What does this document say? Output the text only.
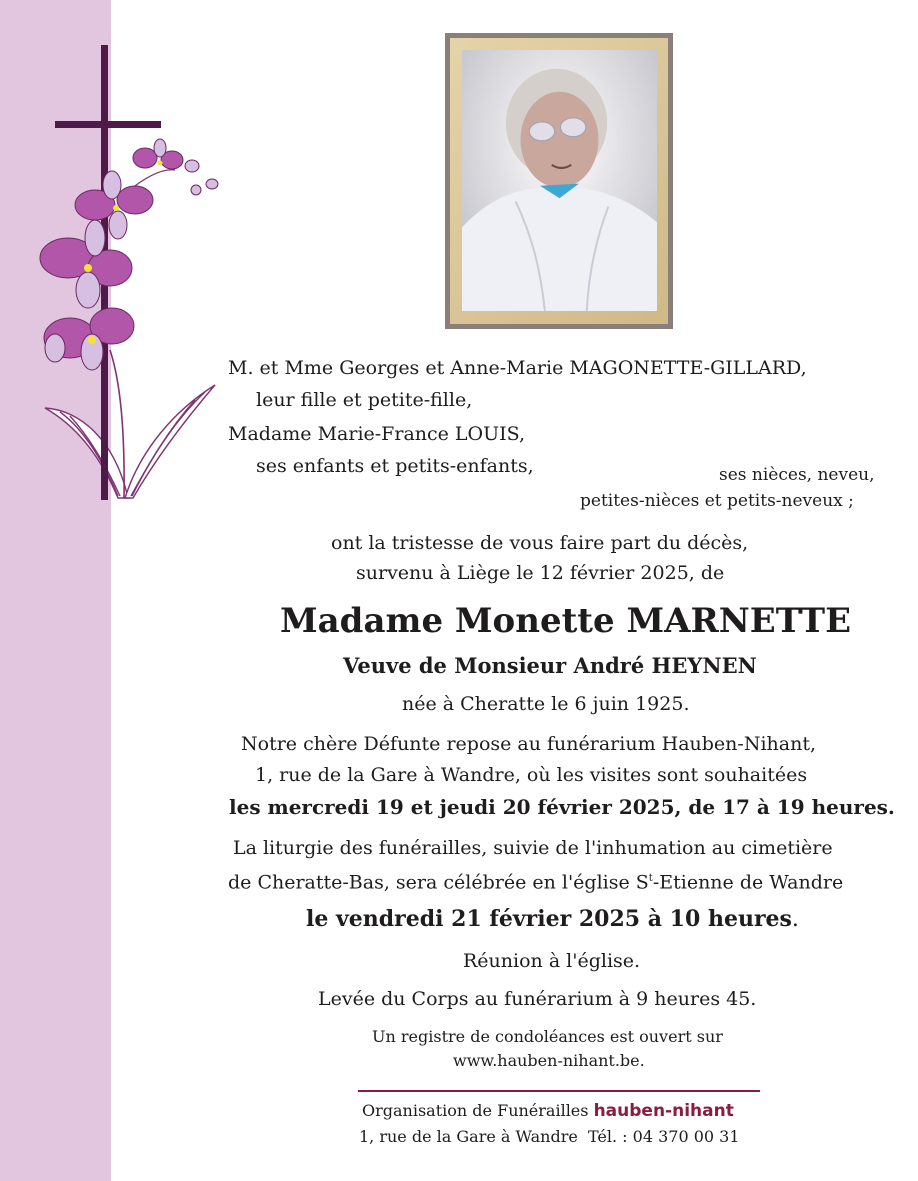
M. et Mme Georges et Anne-Marie MAGONETTE-GILLARD,

leur fille et petite-fille,

Madame Marie-France LOUIS,

ses enfants et petits-enfants,	ses nièces, neveu,

petites-nièces et petits-neveux ;

ont la tristesse de vous faire part du décès,

survenu à Liège le 12 février 2025, de

Madame Monette MARNETTE

Veuve de Monsieur André HEYNEN

née à Cheratte le 6 juin 1925.

Notre chère Défunte repose au funérarium Hauben-Nihant,

1, rue de la Gare à Wandre, où les visites sont souhaitées

les mercredi 19 et jeudi 20 février 2025, de 17 à 19 heures.

La liturgie des funérailles, suivie de l'inhumation au cimetière

de Cheratte-Bas, sera célébrée en l'église $S^t$-Etienne de Wandre

le vendredi 21 février 2025 à 10 heures.

Réunion à l'église.

Levée du Corps au funérarium à 9 heures 45.

Un registre de condoléances est ouvert sur

www.hauben-nihant.be.

Organisation de Funérailles hauben-nihant

1, rue de la Gare à Wandre Tél. : 04 370 00 31
